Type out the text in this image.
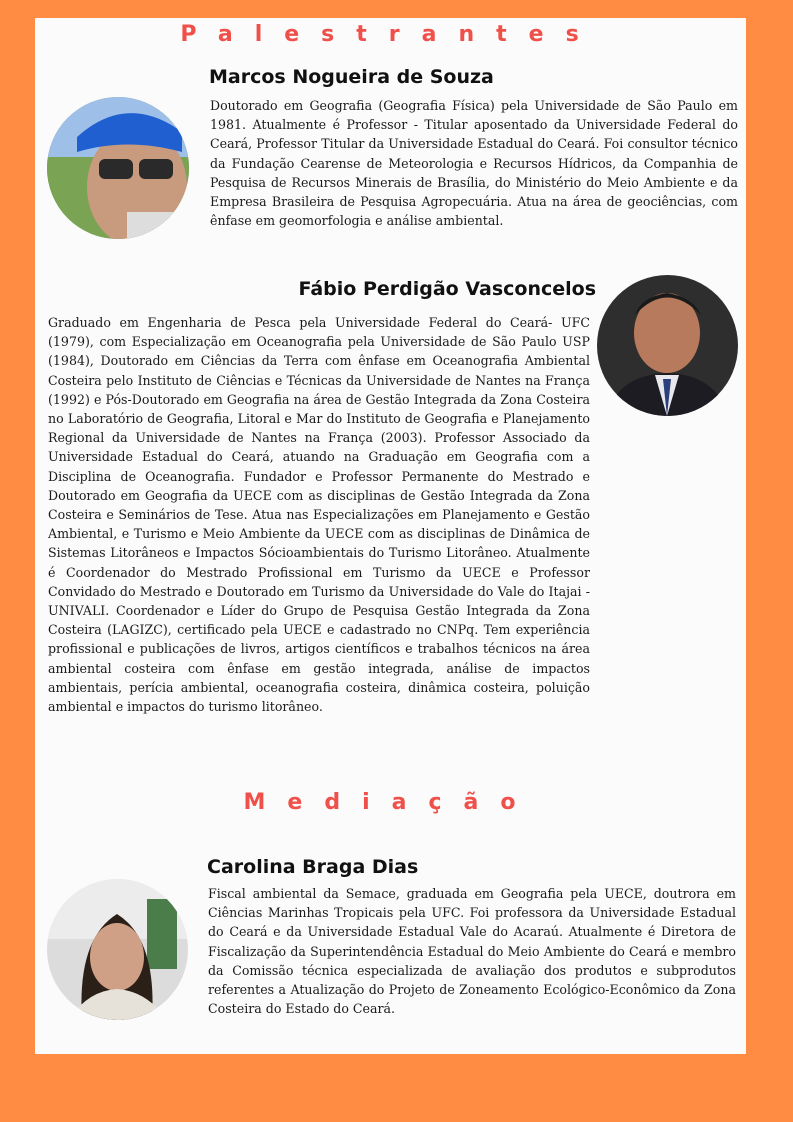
Palestrantes
Marcos Nogueira de Souza

Doutorado em Geografia (Geografia Física) pela Universidade de São Paulo em 1981. Atualmente é Professor - Titular aposentado da Universidade Federal do Ceará, Professor Titular da Universidade Estadual do Ceará. Foi consultor técnico da Fundação Cearense de Meteorologia e Recursos Hídricos, da Companhia de Pesquisa de Recursos Minerais de Brasília, do Ministério do Meio Ambiente e da Empresa Brasileira de Pesquisa Agropecuária. Atua na área de geociências, com ênfase em geomorfologia e análise ambiental.

Fábio Perdigão Vasconcelos

Graduado em Engenharia de Pesca pela Universidade Federal do Ceará- UFC (1979), com Especialização em Oceanografia pela Universidade de São Paulo USP (1984), Doutorado em Ciências da Terra com ênfase em Oceanografia Ambiental Costeira pelo Instituto de Ciências e Técnicas da Universidade de Nantes na França (1992) e Pós-Doutorado em Geografia na área de Gestão Integrada da Zona Costeira no Laboratório de Geografia, Litoral e Mar do Instituto de Geografia e Planejamento Regional da Universidade de Nantes na França (2003). Professor Associado da Universidade Estadual do Ceará, atuando na Graduação em Geografia com a Disciplina de Oceanografia. Fundador e Professor Permanente do Mestrado e Doutorado em Geografia da UECE com as disciplinas de Gestão Integrada da Zona Costeira e Seminários de Tese. Atua nas Especializações em Planejamento e Gestão Ambiental, e Turismo e Meio Ambiente da UECE com as disciplinas de Dinâmica de Sistemas Litorâneos e Impactos Sócioambientais do Turismo Litorâneo. Atualmente é Coordenador do Mestrado Profissional em Turismo da UECE e Professor Convidado do Mestrado e Doutorado em Turismo da Universidade do Vale do Itajai - UNIVALI. Coordenador e Líder do Grupo de Pesquisa Gestão Integrada da Zona Costeira (LAGIZC), certificado pela UECE e cadastrado no CNPq. Tem experiência profissional e publicações de livros, artigos científicos e trabalhos técnicos na área ambiental costeira com ênfase em gestão integrada, análise de impactos ambientais, perícia ambiental, oceanografia costeira, dinâmica costeira, poluição ambiental e impactos do turismo litorâneo.

Mediação
Carolina Braga Dias

Fiscal ambiental da Semace, graduada em Geografia pela UECE, doutrora em Ciências Marinhas Tropicais pela UFC. Foi professora da Universidade Estadual do Ceará e da Universidade Estadual Vale do Acaraú. Atualmente é Diretora de Fiscalização da Superintendência Estadual do Meio Ambiente do Ceará e membro da Comissão técnica especializada de avaliação dos produtos e subprodutos referentes a Atualização do Projeto de Zoneamento Ecológico-Econômico da Zona Costeira do Estado do Ceará.
